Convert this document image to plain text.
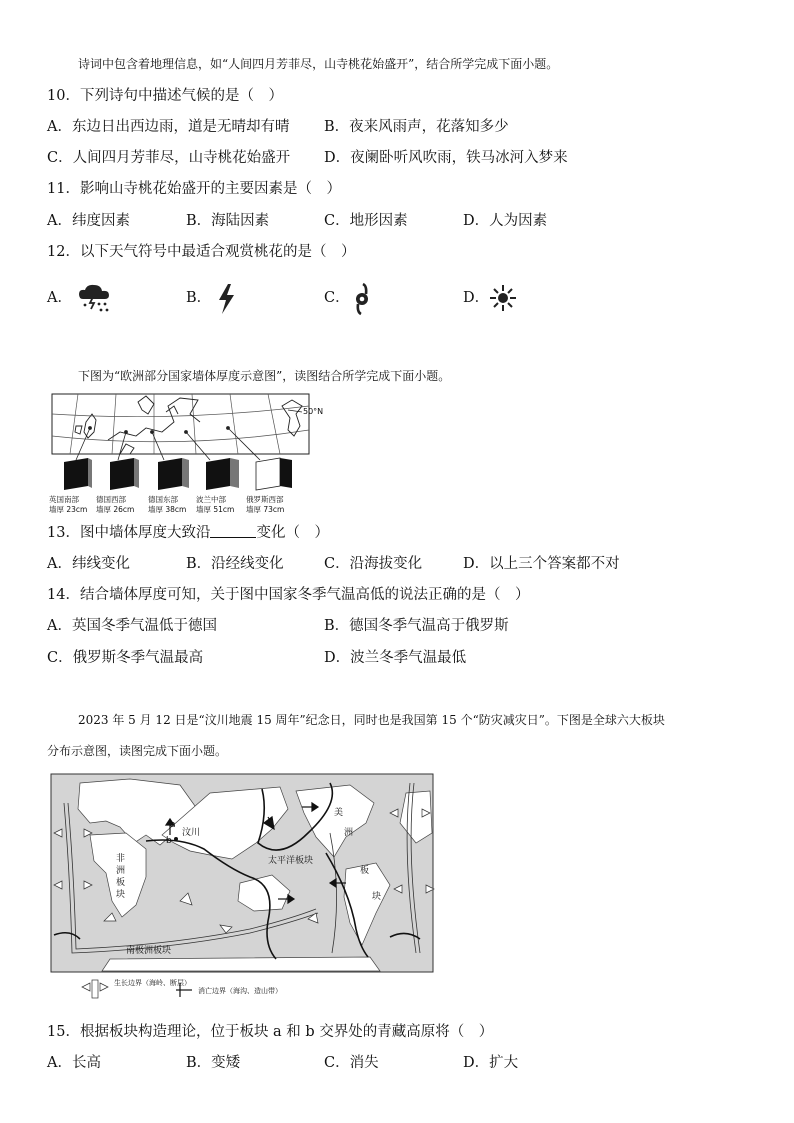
诗词中包含着地理信息，如“人间四月芳菲尽，山寺桃花始盛开”，结合所学完成下面小题。
10．下列诗句中描述气候的是（　）
A．东边日出西边雨，道是无晴却有晴 B．夜来风雨声，花落知多少
C．人间四月芳菲尽，山寺桃花始盛开 D．夜阑卧听风吹雨，铁马冰河入梦来
11．影响山寺桃花始盛开的主要因素是（　）
A．纬度因素	B．海陆因素	C．地形因素	D．人为因素
12．以下天气符号中最适合观赏桃花的是（　）
A．	B．	C．	D．
下图为“欧洲部分国家墙体厚度示意图”，读图结合所学完成下面小题。
50°N
英国南部
墙厚 23cm
德国西部
墙厚 26cm
德国东部
墙厚 38cm
波兰中部
墙厚 51cm
俄罗斯西部
墙厚 73cm
13．图中墙体厚度大致沿	变化（　）
A．纬线变化	B．沿经线变化	C．沿海拔变化	D．以上三个答案都不对
14．结合墙体厚度可知，关于图中国家冬季气温高低的说法正确的是（　）
A．英国冬季气温低于德国	B．德国冬季气温高于俄罗斯
C．俄罗斯冬季气温最高	D．波兰冬季气温最低
2023 年 5 月 12 日是“汶川地震 15 周年”纪念日，同时也是我国第 15 个“防灾减灾日”。下图是全球六大板块
分布示意图，读图完成下面小题。
a
b
汶川
太平洋板块
南极洲板块
非
洲
板
块
美
洲
板
块
生长边界（海岭、断层）
消亡边界（海沟、造山带）
15．根据板块构造理论，位于板块 a 和 b 交界处的青藏高原将（　）
A．长高	B．变矮	C．消失	D．扩大
